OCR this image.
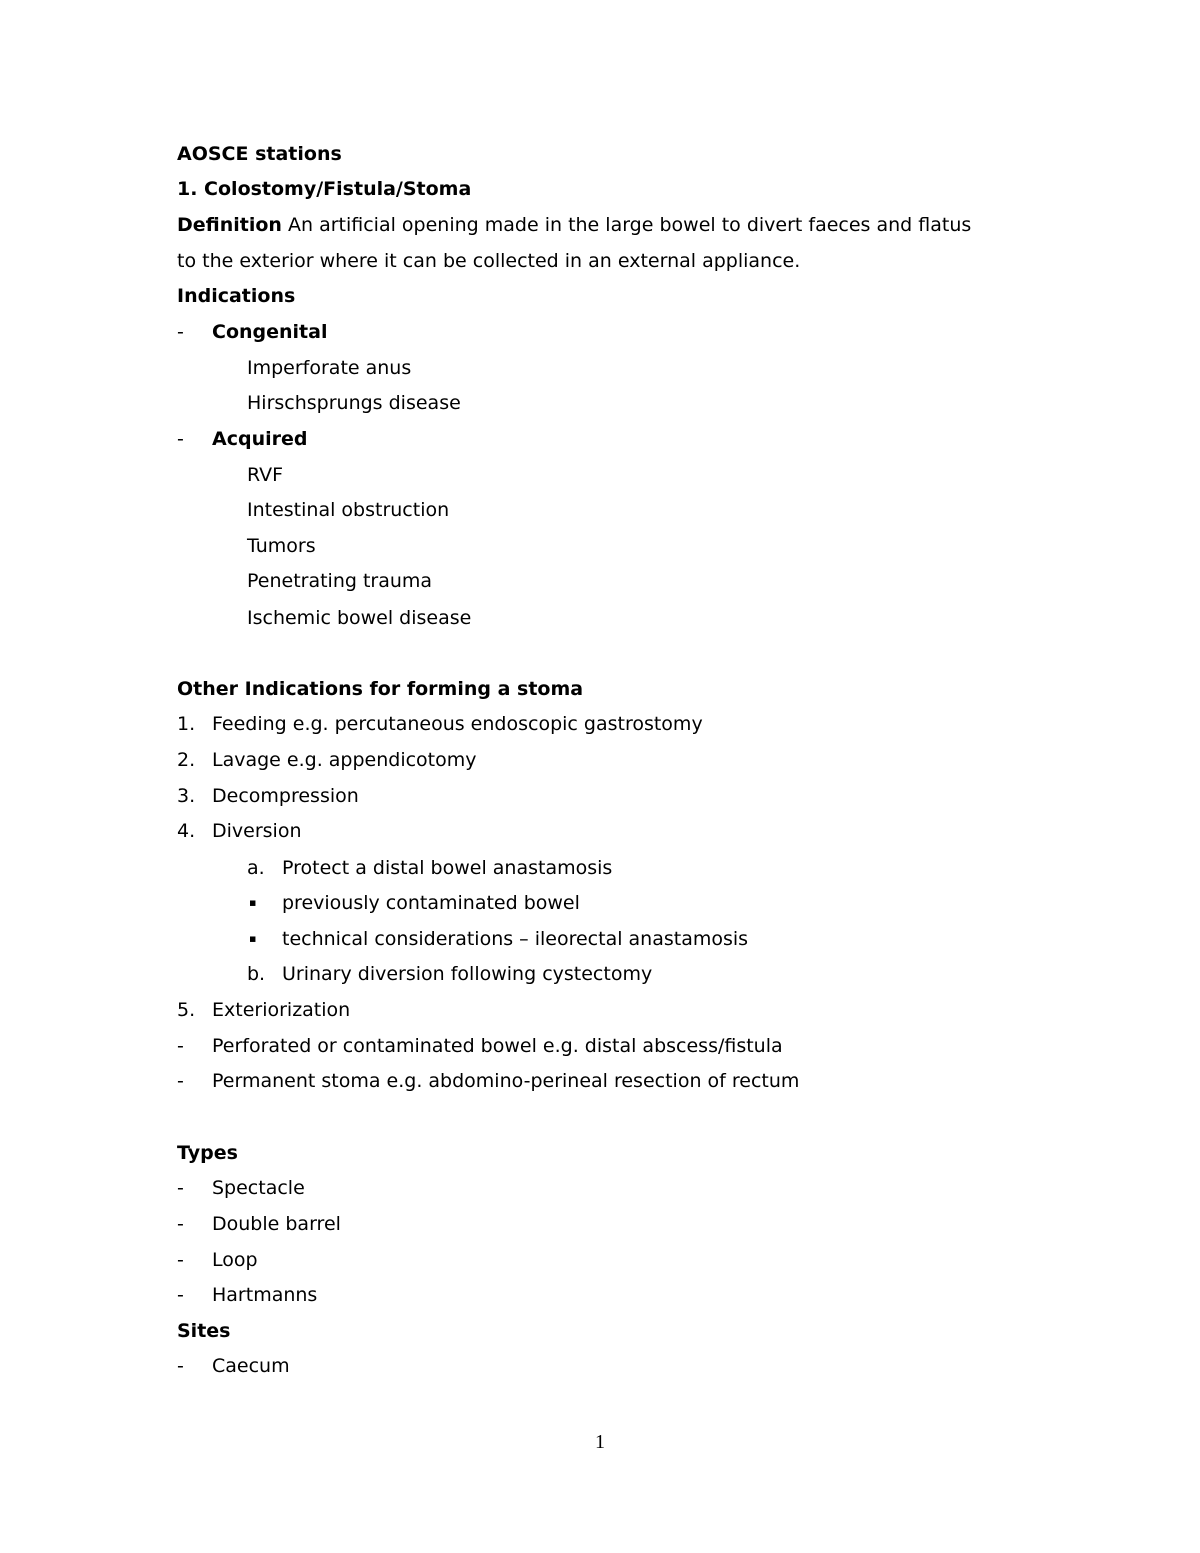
AOSCE stations
1. Colostomy/Fistula/Stoma
Definition An artificial opening made in the large bowel to divert faeces and flatus
to the exterior where it can be collected in an external appliance.
Indications
- Congenital
Imperforate anus
Hirschsprungs disease
- Acquired
RVF
Intestinal obstruction
Tumors
Penetrating trauma
Ischemic bowel disease
Other Indications for forming a stoma
1. Feeding e.g. percutaneous endoscopic gastrostomy
2. Lavage e.g. appendicotomy
3. Decompression
4. Diversion
a. Protect a distal bowel anastamosis
▪ previously contaminated bowel
▪ technical considerations – ileorectal anastamosis
b. Urinary diversion following cystectomy
5. Exteriorization
- Perforated or contaminated bowel e.g. distal abscess/fistula
- Permanent stoma e.g. abdomino-perineal resection of rectum
Types
- Spectacle
- Double barrel
- Loop
- Hartmanns
Sites
- Caecum
1
